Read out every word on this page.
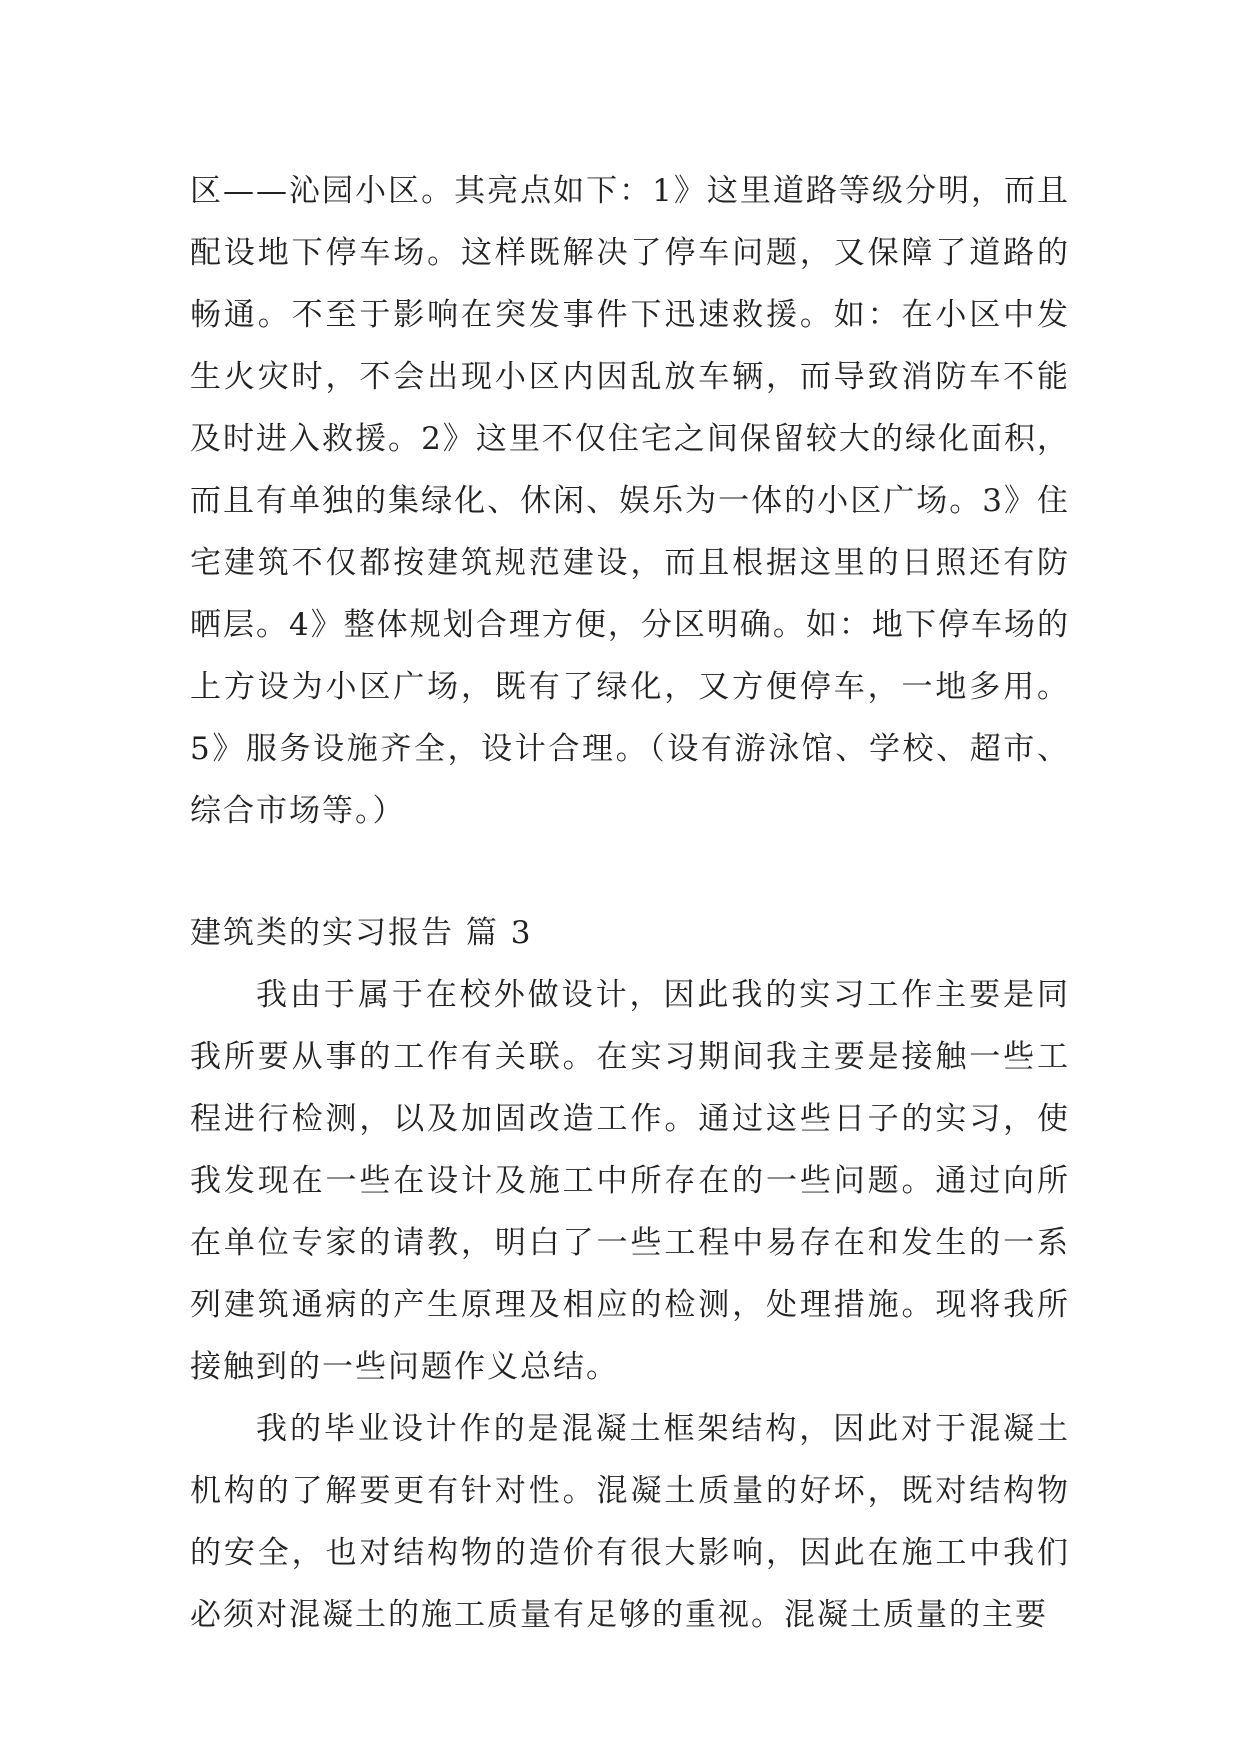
区——沁园小区。其亮点如下：1》这里道路等级分明，而且配设地下停车场。这样既解决了停车问题，又保障了道路的畅通。不至于影响在突发事件下迅速救援。如：在小区中发生火灾时，不会出现小区内因乱放车辆，而导致消防车不能及时进入救援。2》这里不仅住宅之间保留较大的绿化面积，而且有单独的集绿化、休闲、娱乐为一体的小区广场。3》住宅建筑不仅都按建筑规范建设，而且根据这里的日照还有防晒层。4》整体规划合理方便，分区明确。如：地下停车场的上方设为小区广场，既有了绿化，又方便停车，一地多用。5》服务设施齐全，设计合理。（设有游泳馆、学校、超市、综合市场等。）

建筑类的实习报告 篇 3

我由于属于在校外做设计，因此我的实习工作主要是同我所要从事的工作有关联。在实习期间我主要是接触一些工程进行检测，以及加固改造工作。通过这些日子的实习，使我发现在一些在设计及施工中所存在的一些问题。通过向所在单位专家的请教，明白了一些工程中易存在和发生的一系列建筑通病的产生原理及相应的检测，处理措施。现将我所接触到的一些问题作义总结。

我的毕业设计作的是混凝土框架结构，因此对于混凝土机构的了解要更有针对性。混凝土质量的好坏，既对结构物的安全，也对结构物的造价有很大影响，因此在施工中我们必须对混凝土的施工质量有足够的重视。混凝土质量的主要
